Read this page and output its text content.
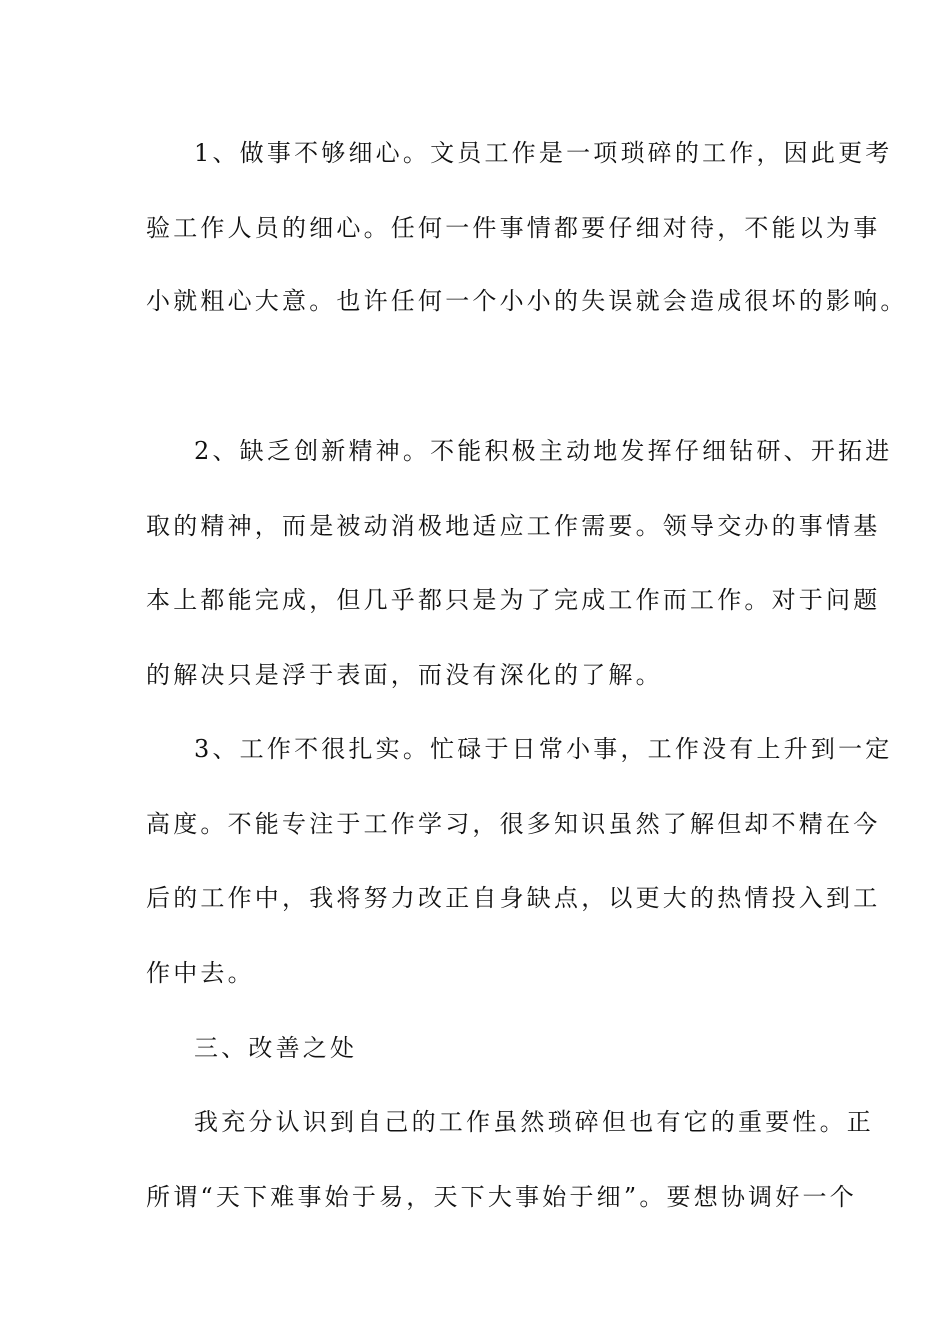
1、做事不够细心。文员工作是一项琐碎的工作，因此更考
验工作人员的细心。任何一件事情都要仔细对待，不能以为事
小就粗心大意。也许任何一个小小的失误就会造成很坏的影响。
2、缺乏创新精神。不能积极主动地发挥仔细钻研、开拓进
取的精神，而是被动消极地适应工作需要。领导交办的事情基
本上都能完成，但几乎都只是为了完成工作而工作。对于问题
的解决只是浮于表面，而没有深化的了解。
3、工作不很扎实。忙碌于日常小事，工作没有上升到一定
高度。不能专注于工作学习，很多知识虽然了解但却不精在今
后的工作中，我将努力改正自身缺点，以更大的热情投入到工
作中去。
三、改善之处
我充分认识到自己的工作虽然琐碎但也有它的重要性。正
所谓“天下难事始于易，天下大事始于细”。要想协调好一个
